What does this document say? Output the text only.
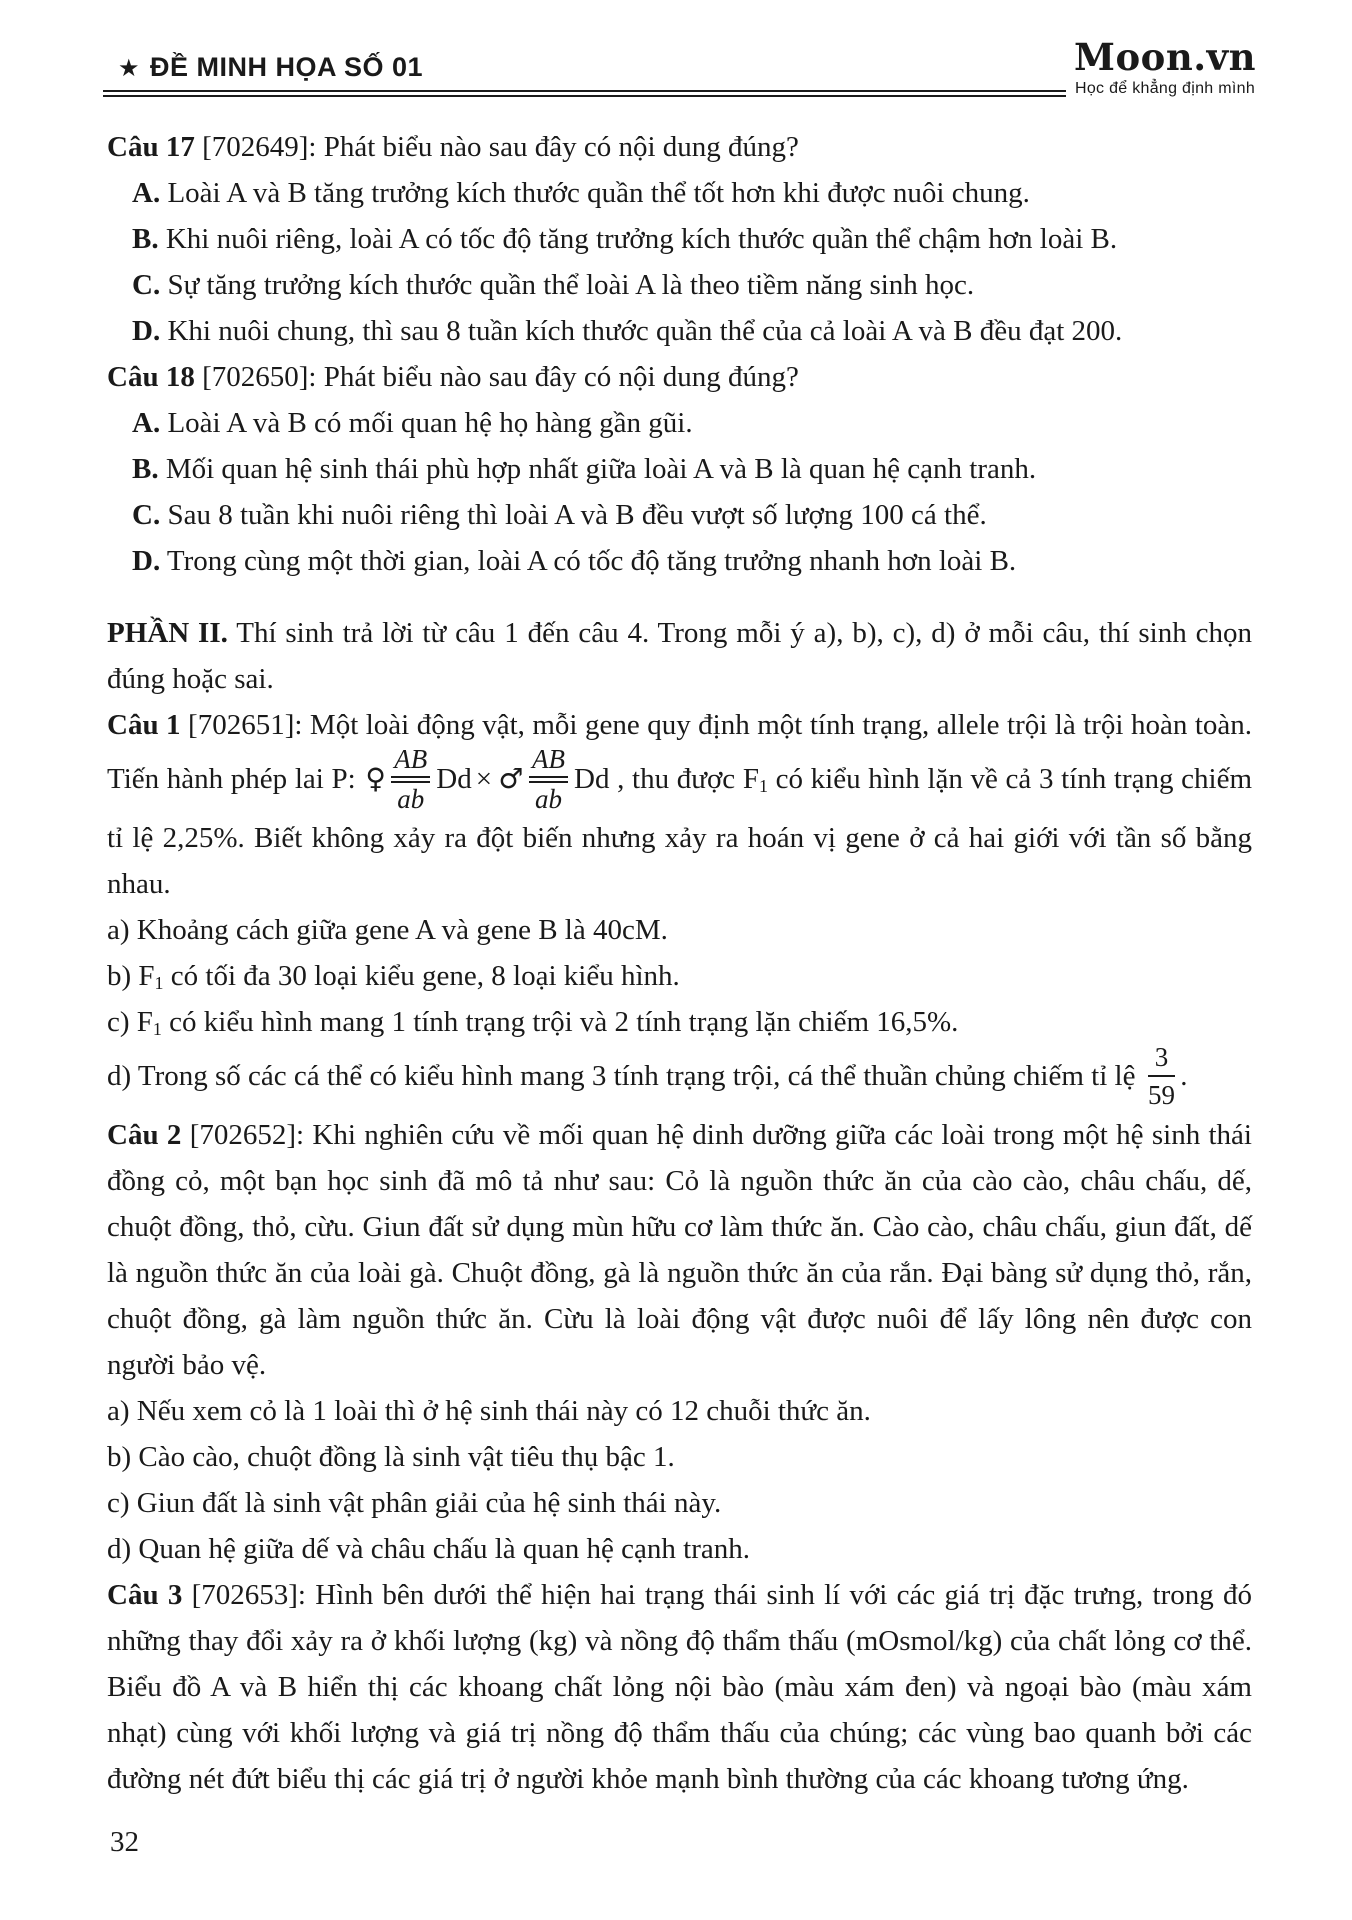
★ ĐỀ MINH HỌA SỐ 01	Moon.vn
Học để khẳng định mình

Câu 17 [702649]: Phát biểu nào sau đây có nội dung đúng?

A. Loài A và B tăng trưởng kích thước quần thể tốt hơn khi được nuôi chung.

B. Khi nuôi riêng, loài A có tốc độ tăng trưởng kích thước quần thể chậm hơn loài B.

C. Sự tăng trưởng kích thước quần thể loài A là theo tiềm năng sinh học.

D. Khi nuôi chung, thì sau 8 tuần kích thước quần thể của cả loài A và B đều đạt 200.

Câu 18 [702650]: Phát biểu nào sau đây có nội dung đúng?

A. Loài A và B có mối quan hệ họ hàng gần gũi.

B. Mối quan hệ sinh thái phù hợp nhất giữa loài A và B là quan hệ cạnh tranh.

C. Sau 8 tuần khi nuôi riêng thì loài A và B đều vượt số lượng 100 cá thể.

D. Trong cùng một thời gian, loài A có tốc độ tăng trưởng nhanh hơn loài B.

PHẦN II. Thí sinh trả lời từ câu 1 đến câu 4. Trong mỗi ý a), b), c), d) ở mỗi câu, thí sinh chọn đúng hoặc sai.

Câu 1 [702651]: Một loài động vật, mỗi gene quy định một tính trạng, allele trội là trội hoàn toàn. Tiến hành phép lai P: ♀
AB
ab
Dd × ♂
AB
ab
Dd , thu được F1 có kiểu hình lặn về cả 3 tính trạng chiếm tỉ lệ 2,25%. Biết không xảy ra đột biến nhưng xảy ra hoán vị gene ở cả hai giới với tần số bằng nhau.

a) Khoảng cách giữa gene A và gene B là 40cM.

b) F1 có tối đa 30 loại kiểu gene, 8 loại kiểu hình.

c) F1 có kiểu hình mang 1 tính trạng trội và 2 tính trạng lặn chiếm 16,5%.

d) Trong số các cá thể có kiểu hình mang 3 tính trạng trội, cá thể thuần chủng chiếm tỉ lệ $\frac{3}{59}$ .

Câu 2 [702652]: Khi nghiên cứu về mối quan hệ dinh dưỡng giữa các loài trong một hệ sinh thái đồng cỏ, một bạn học sinh đã mô tả như sau: Cỏ là nguồn thức ăn của cào cào, châu chấu, dế, chuột đồng, thỏ, cừu. Giun đất sử dụng mùn hữu cơ làm thức ăn. Cào cào, châu chấu, giun đất, dế là nguồn thức ăn của loài gà. Chuột đồng, gà là nguồn thức ăn của rắn. Đại bàng sử dụng thỏ, rắn, chuột đồng, gà làm nguồn thức ăn. Cừu là loài động vật được nuôi để lấy lông nên được con người bảo vệ.

a) Nếu xem cỏ là 1 loài thì ở hệ sinh thái này có 12 chuỗi thức ăn.

b) Cào cào, chuột đồng là sinh vật tiêu thụ bậc 1.

c) Giun đất là sinh vật phân giải của hệ sinh thái này.

d) Quan hệ giữa dế và châu chấu là quan hệ cạnh tranh.

Câu 3 [702653]: Hình bên dưới thể hiện hai trạng thái sinh lí với các giá trị đặc trưng, trong đó những thay đổi xảy ra ở khối lượng (kg) và nồng độ thẩm thấu (mOsmol/kg) của chất lỏng cơ thể. Biểu đồ A và B hiển thị các khoang chất lỏng nội bào (màu xám đen) và ngoại bào (màu xám nhạt) cùng với khối lượng và giá trị nồng độ thẩm thấu của chúng; các vùng bao quanh bởi các đường nét đứt biểu thị các giá trị ở người khỏe mạnh bình thường của các khoang tương ứng.

32
